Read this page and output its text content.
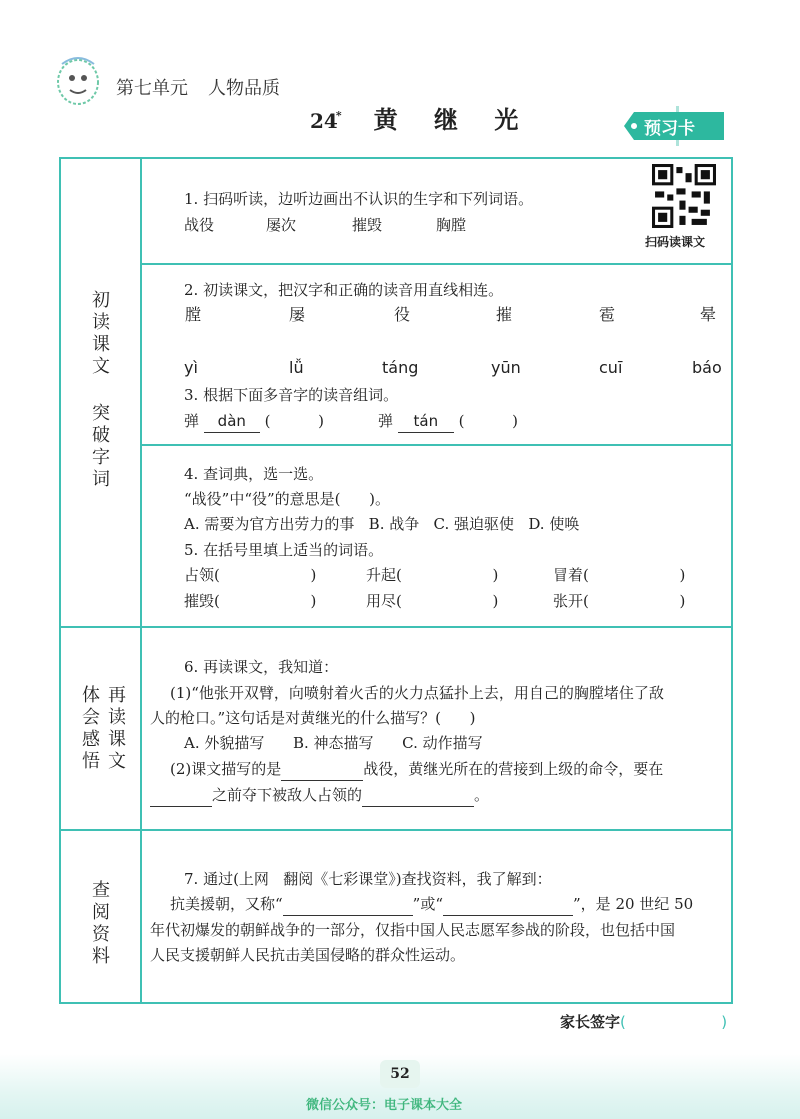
第七单元 人物品质
24* 黄 继 光	预习卡
初读课文 突破字词
再读课文 体会感悟
查阅资料
1. 扫码听读，边听边画出不认识的生字和下列词语。
战役	屡次	摧毁	胸膛
扫码读课文
2. 初读课文，把汉字和正确的读音用直线相连。
膛	屡	役	摧	雹	晕
yì	lǚ	táng	yūn	cuī	báo
3. 根据下面多音字的读音组词。
弹 dàn (          )	弹 tán (          )
4. 查词典，选一选。
“战役”中“役”的意思是(      )。
A. 需要为官方出劳力的事   B. 战争   C. 强迫驱使   D. 使唤
5. 在括号里填上适当的词语。
占领(                   )	升起(                   )	冒着(                   )
摧毁(                   )	用尽(                   )	张开(                   )
6. 再读课文，我知道：
(1)“他张开双臂，向喷射着火舌的火力点猛扑上去，用自己的胸膛堵住了敌
人的枪口。”这句话是对黄继光的什么描写？(      )
A. 外貌描写      B. 神态描写      C. 动作描写
(2)课文描写的是	战役，黄继光所在的营接到上级的命令，要在
之前夺下被敌人占领的	。
7. 通过(上网   翻阅《七彩课堂》)查找资料，我了解到：
抗美援朝，又称“	”或“	”，是 20 世纪 50
年代初爆发的朝鲜战争的一部分，仅指中国人民志愿军参战的阶段，也包括中国
人民支援朝鲜人民抗击美国侵略的群众性运动。
家长签字(                    )
52
微信公众号：电子课本大全
